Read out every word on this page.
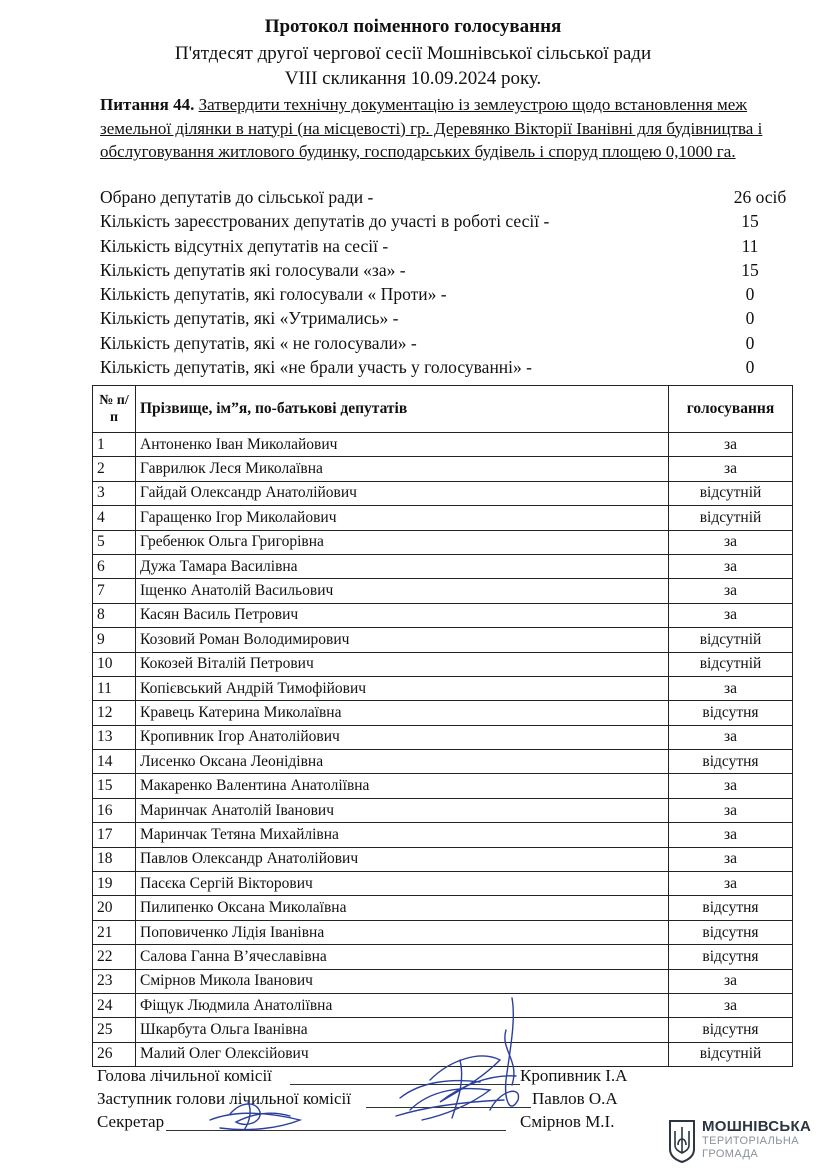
Протокол поіменного голосування
П'ятдесят другої чергової сесії Мошнівської сільської ради
VIII скликання 10.09.2024 року.
Питання 44. Затвердити технічну документацію із землеустрою щодо встановлення меж земельної ділянки в натурі (на місцевості) гр. Деревянко Вікторії Іванівні для будівництва і обслуговування житлового будинку, господарських будівель і споруд площею 0,1000 га.
Обрано депутатів до сільської ради -	26 осіб
Кількість зареєстрованих депутатів до участі в роботі сесії -	15
Кількість відсутніх депутатів на сесії -	11
Кількість депутатів які голосували «за» -	15
Кількість депутатів, які голосували « Проти» -	0
Кількість депутатів, які «Утримались» -	0
Кількість депутатів, які « не голосували» -	0
Кількість депутатів, які «не брали участь у голосуванні» -	0
№ п/п	Прізвище, ім”я, по-батькові депутатів	голосування
1	Антоненко Іван Миколайович	за
2	Гаврилюк Леся Миколаївна	за
3	Гайдай Олександр Анатолійович	відсутній
4	Гаращенко Ігор Миколайович	відсутній
5	Гребенюк Ольга Григорівна	за
6	Дужа Тамара Василівна	за
7	Іщенко Анатолій Васильович	за
8	Касян Василь Петрович	за
9	Козовий Роман Володимирович	відсутній
10	Кокозей Віталій Петрович	відсутній
11	Копієвський Андрій Тимофійович	за
12	Кравець Катерина Миколаївна	відсутня
13	Кропивник Ігор Анатолійович	за
14	Лисенко Оксана Леонідівна	відсутня
15	Макаренко Валентина Анатоліївна	за
16	Маринчак Анатолій Іванович	за
17	Маринчак Тетяна Михайлівна	за
18	Павлов Олександр Анатолійович	за
19	Пасєка Сергій Вікторович	за
20	Пилипенко Оксана Миколаївна	відсутня
21	Поповиченко Лідія Іванівна	відсутня
22	Салова Ганна В’ячеславівна	відсутня
23	Смірнов Микола Іванович	за
24	Фіщук Людмила Анатоліївна	за
25	Шкарбута Ольга Іванівна	відсутня
26	Малий Олег Олексійович	відсутній
Голова лічильної комісії	Кропивник І.А
Заступник голови лічильної комісії	Павлов О.А
Секретар	Смірнов М.І.	МОШНІВСЬКА
ТЕРИТОРІАЛЬНА
ГРОМАДА
